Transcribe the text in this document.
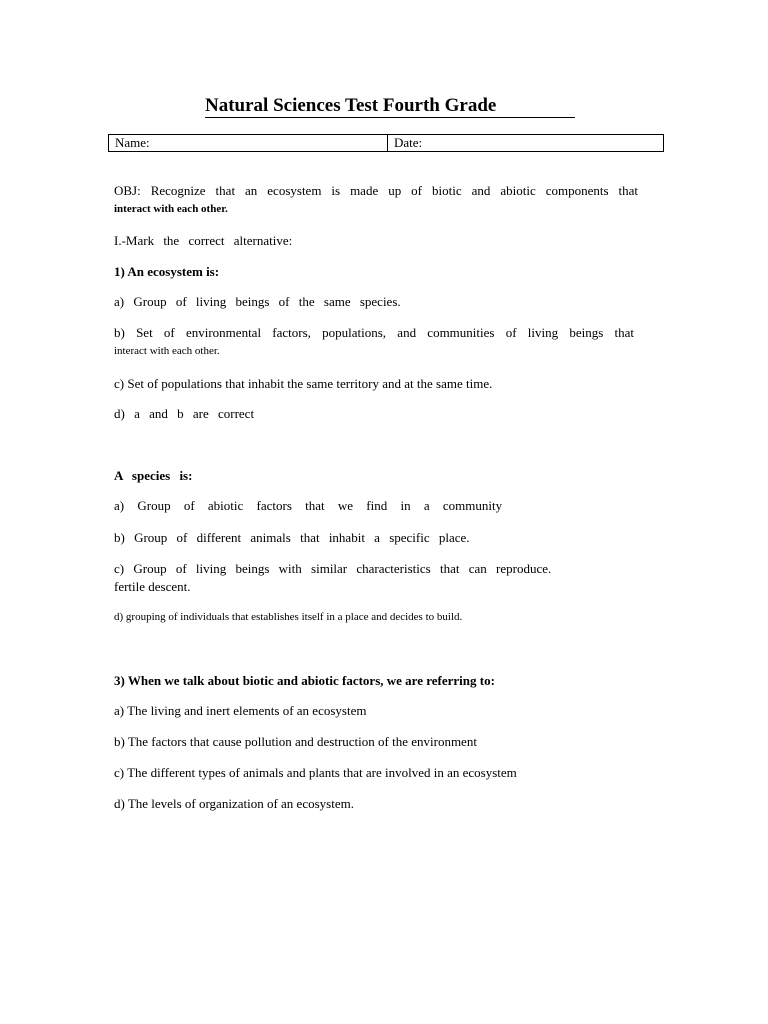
Natural Sciences Test Fourth Grade
Name:	Date:
OBJ: Recognize that an ecosystem is made up of biotic and abiotic components that
interact with each other.
I.-Mark the correct alternative:
1) An ecosystem is:
a) Group of living beings of the same species.
b) Set of environmental factors, populations, and communities of living beings that
interact with each other.
c) Set of populations that inhabit the same territory and at the same time.
d) a and b are correct
A species is:
a) Group of abiotic factors that we find in a community
b) Group of different animals that inhabit a specific place.
c) Group of living beings with similar characteristics that can reproduce.
fertile descent.
d) grouping of individuals that establishes itself in a place and decides to build.
3) When we talk about biotic and abiotic factors, we are referring to:
a) The living and inert elements of an ecosystem
b) The factors that cause pollution and destruction of the environment
c) The different types of animals and plants that are involved in an ecosystem
d) The levels of organization of an ecosystem.
